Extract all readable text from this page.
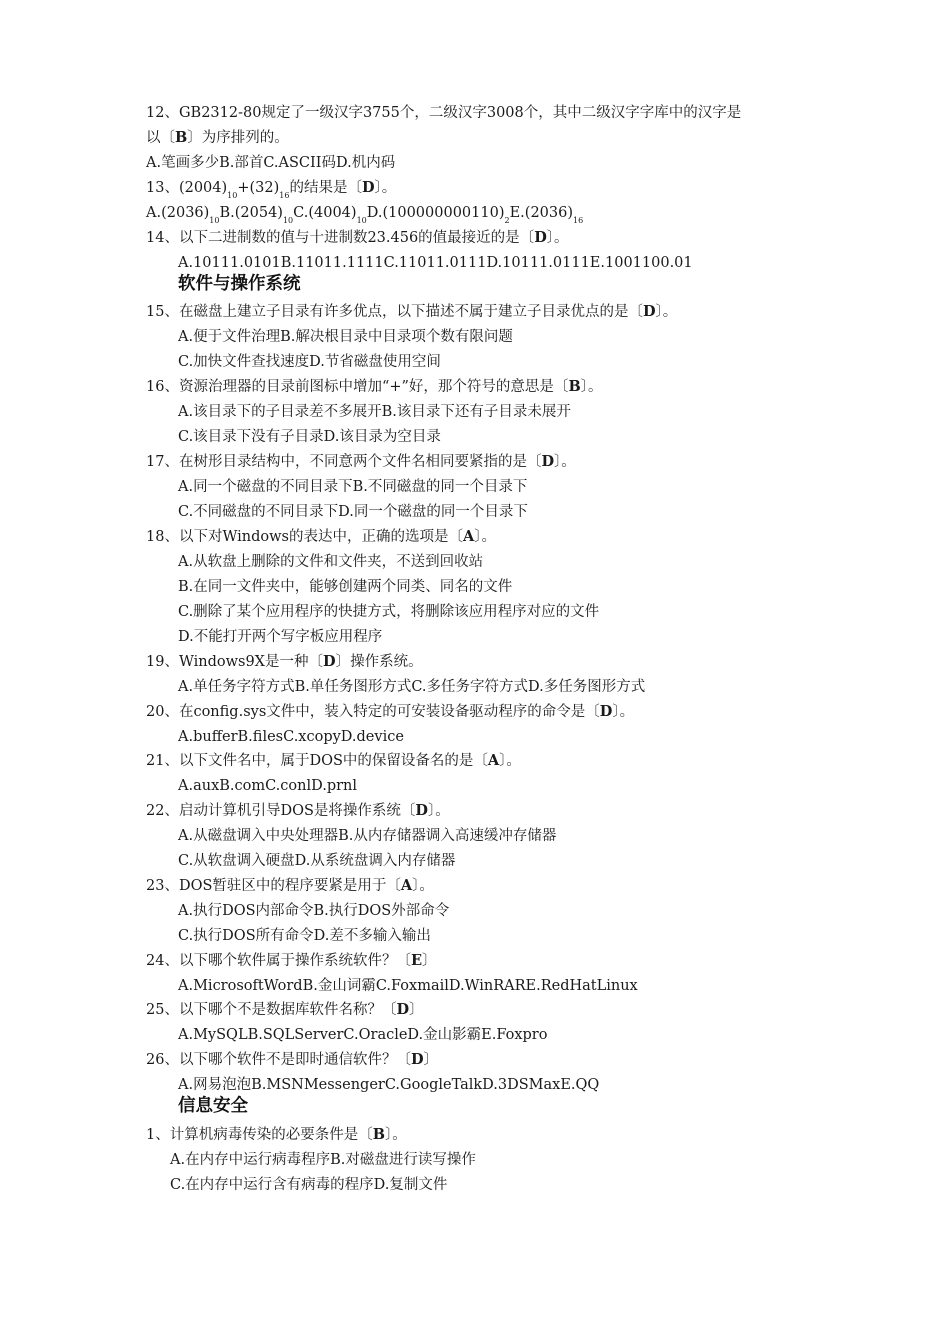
12、GB2312-80规定了一级汉字3755个，二级汉字3008个，其中二级汉字字库中的汉字是
以〔B〕为序排列的。
A.笔画多少B.部首C.ASCII码D.机内码
13、$(2004)_{10}+(32)_{16}$的结果是〔D〕。
$A.(2036)_{10}B.(2054)_{10}C.(4004)_{10}D.(100000000110)_2E.(2036)_{16}$
14、以下二进制数的值与十进制数23.456的值最接近的是〔D〕。
A.10111.0101B.11011.1111C.11011.0111D.10111.0111E.1001100.01
软件与操作系统
15、在磁盘上建立子目录有许多优点，以下描述不属于建立子目录优点的是〔D〕。
A.便于文件治理B.解决根目录中目录项个数有限问题
C.加快文件查找速度D.节省磁盘使用空间
16、资源治理器的目录前图标中增加“+”好，那个符号的意思是〔B〕。
A.该目录下的子目录差不多展开B.该目录下还有子目录未展开
C.该目录下没有子目录D.该目录为空目录
17、在树形目录结构中，不同意两个文件名相同要紧指的是〔D〕。
A.同一个磁盘的不同目录下B.不同磁盘的同一个目录下
C.不同磁盘的不同目录下D.同一个磁盘的同一个目录下
18、以下对Windows的表达中，正确的选项是〔A〕。
A.从软盘上删除的文件和文件夹，不送到回收站
B.在同一文件夹中，能够创建两个同类、同名的文件
C.删除了某个应用程序的快捷方式，将删除该应用程序对应的文件
D.不能打开两个写字板应用程序
19、Windows9X是一种〔D〕操作系统。
A.单任务字符方式B.单任务图形方式C.多任务字符方式D.多任务图形方式
20、在config.sys文件中，装入特定的可安装设备驱动程序的命令是〔D〕。
A.bufferB.filesC.xcopyD.device
21、以下文件名中，属于DOS中的保留设备名的是〔A〕。
A.auxB.comC.conlD.prnl
22、启动计算机引导DOS是将操作系统〔D〕。
A.从磁盘调入中央处理器B.从内存储器调入高速缓冲存储器
C.从软盘调入硬盘D.从系统盘调入内存储器
23、DOS暂驻区中的程序要紧是用于〔A〕。
A.执行DOS内部命令B.执行DOS外部命令
C.执行DOS所有命令D.差不多输入输出
24、以下哪个软件属于操作系统软件？〔E〕
A.MicrosoftWordB.金山词霸C.FoxmailD.WinRARE.RedHatLinux
25、以下哪个不是数据库软件名称？〔D〕
A.MySQLB.SQLServerC.OracleD.金山影霸E.Foxpro
26、以下哪个软件不是即时通信软件？〔D〕
A.网易泡泡B.MSNMessengerC.GoogleTalkD.3DSMaxE.QQ
信息安全
1、计算机病毒传染的必要条件是〔B〕。
A.在内存中运行病毒程序B.对磁盘进行读写操作
C.在内存中运行含有病毒的程序D.复制文件
